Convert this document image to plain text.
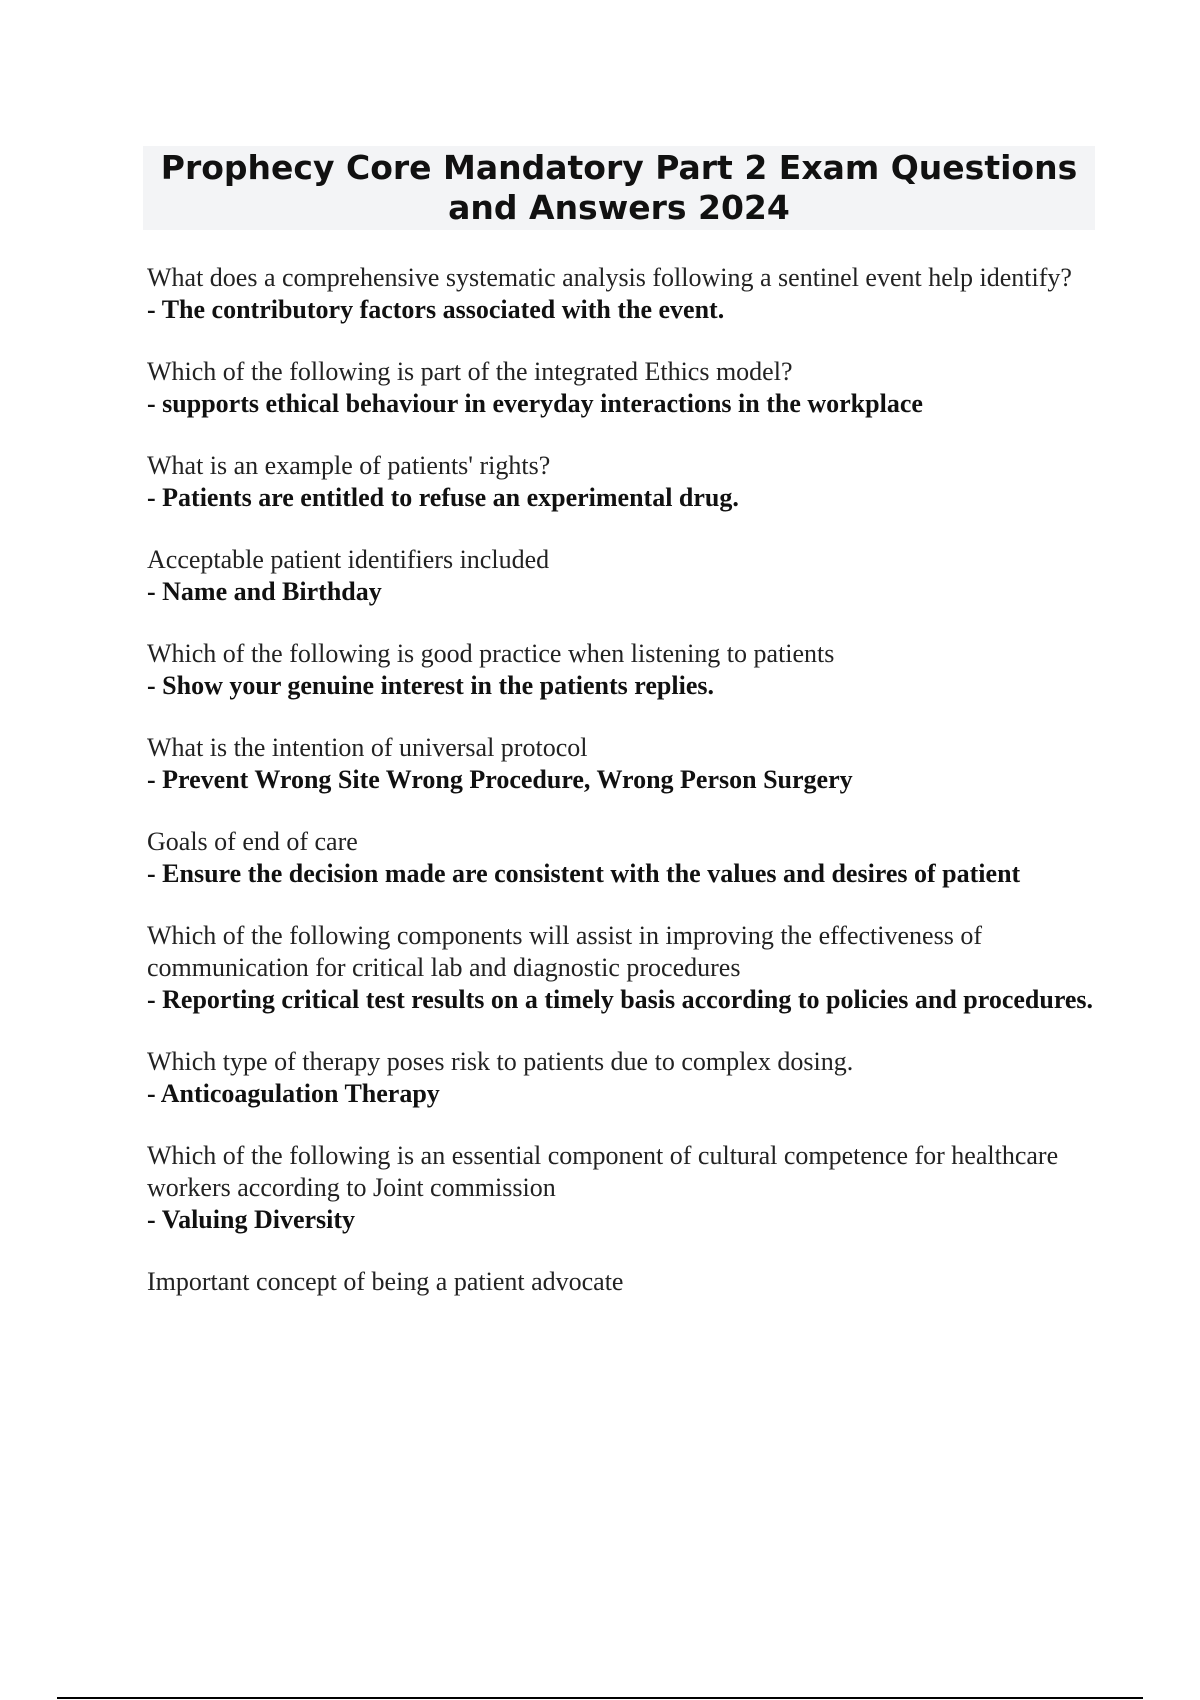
Prophecy Core Mandatory Part 2 Exam Questions and Answers 2024
What does a comprehensive systematic analysis following a sentinel event help identify?
- The contributory factors associated with the event.
Which of the following is part of the integrated Ethics model?
- supports ethical behaviour in everyday interactions in the workplace
What is an example of patients' rights?
- Patients are entitled to refuse an experimental drug.
Acceptable patient identifiers included
- Name and Birthday
Which of the following is good practice when listening to patients
- Show your genuine interest in the patients replies.
What is the intention of universal protocol
- Prevent Wrong Site Wrong Procedure, Wrong Person Surgery
Goals of end of care
- Ensure the decision made are consistent with the values and desires of patient
Which of the following components will assist in improving the effectiveness of communication for critical lab and diagnostic procedures
- Reporting critical test results on a timely basis according to policies and procedures.
Which type of therapy poses risk to patients due to complex dosing.
- Anticoagulation Therapy
Which of the following is an essential component of cultural competence for healthcare workers according to Joint commission
- Valuing Diversity
Important concept of being a patient advocate
